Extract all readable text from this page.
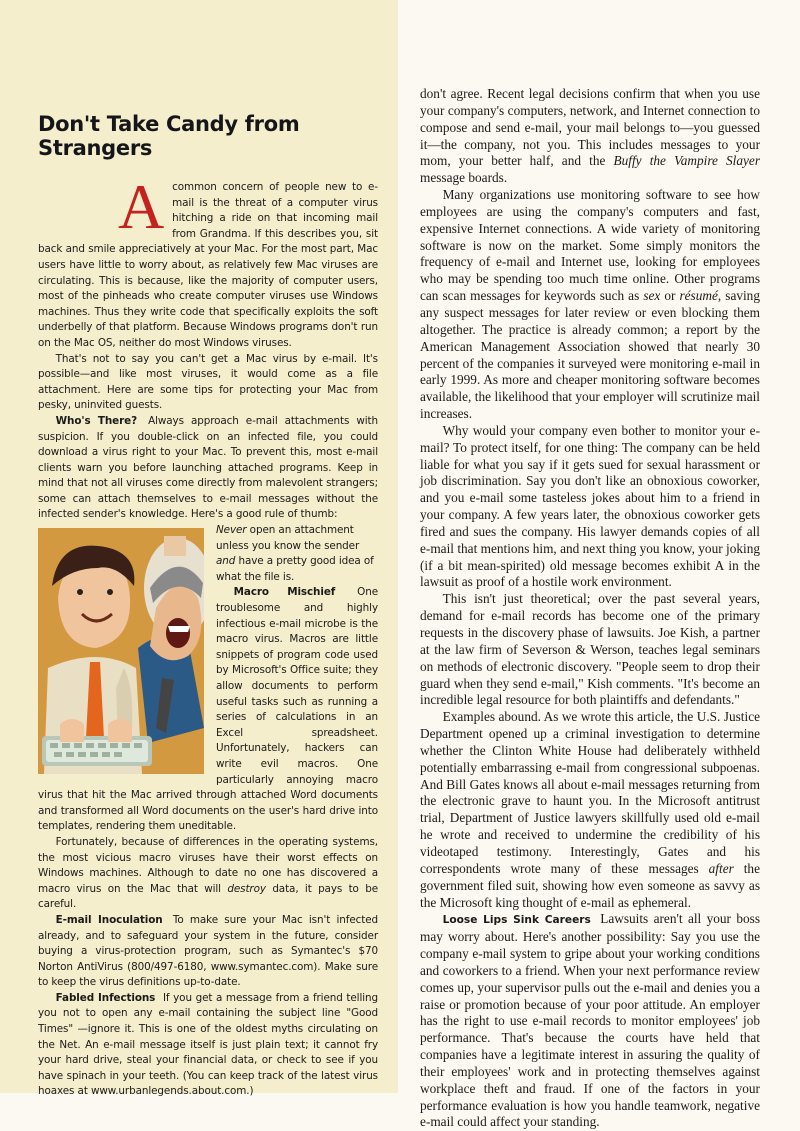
Don't Take Candy from Strangers

Acommon concern of people new to e-mail is the threat of a computer virus hitching a ride on that incoming mail from Grandma. If this describes you, sit back and smile appreciatively at your Mac. For the most part, Mac users have little to worry about, as relatively few Mac viruses are circulating. This is because, like the majority of computer users, most of the pinheads who create computer viruses use Windows machines. Thus they write code that specifically exploits the soft underbelly of that platform. Because Windows programs don't run on the Mac OS, neither do most Windows viruses.

That's not to say you can't get a Mac virus by e-mail. It's possible—and like most viruses, it would come as a file attachment. Here are some tips for protecting your Mac from pesky, uninvited guests.

Who's There? Always approach e-mail attachments with suspicion. If you double-click on an infected file, you could download a virus right to your Mac. To prevent this, most e-mail clients warn you before launching attached programs. Keep in mind that not all viruses come directly from malevolent strangers; some can attach themselves to e-mail messages without the infected sender's knowledge. Here's a good rule of thumb:

Never open an attachment unless you know the sender and have a pretty good idea of what the file is.

Macro Mischief One troublesome and highly infectious e-mail microbe is the macro virus. Macros are little snippets of program code used by Microsoft's Office suite; they allow documents to perform useful tasks such as running a series of calculations in an Excel spreadsheet. Unfortunately, hackers can write evil macros. One particularly annoying macro virus that hit the Mac arrived through attached Word documents and transformed all Word documents on the user's hard drive into templates, rendering them uneditable.

Fortunately, because of differences in the operating systems, the most vicious macro viruses have their worst effects on Windows machines. Although to date no one has discovered a macro virus on the Mac that will destroy data, it pays to be careful.

E-mail Inoculation To make sure your Mac isn't infected already, and to safeguard your system in the future, consider buying a virus-protection program, such as Symantec's $70 Norton AntiVirus (800/497-6180, www.symantec.com). Make sure to keep the virus definitions up-to-date.

Fabled Infections If you get a message from a friend telling you not to open any e-mail containing the subject line "Good Times" —ignore it. This is one of the oldest myths circulating on the Net. An e-mail message itself is just plain text; it cannot fry your hard drive, steal your financial data, or check to see if you have spinach in your teeth. (You can keep track of the latest virus hoaxes at www.urbanlegends.about.com.)

don't agree. Recent legal decisions confirm that when you use your company's computers, network, and Internet connection to compose and send e-mail, your mail belongs to—you guessed it—the company, not you. This includes messages to your mom, your better half, and the Buffy the Vampire Slayer message boards.

Many organizations use monitoring software to see how employees are using the company's computers and fast, expensive Internet connections. A wide variety of monitoring software is now on the market. Some simply monitors the frequency of e-mail and Internet use, looking for employees who may be spending too much time online. Other programs can scan messages for keywords such as sex or résumé, saving any suspect messages for later review or even blocking them altogether. The practice is already common; a report by the American Management Association showed that nearly 30 percent of the companies it surveyed were monitoring e-mail in early 1999. As more and cheaper monitoring software becomes available, the likelihood that your employer will scrutinize mail increases.

Why would your company even bother to monitor your e-mail? To protect itself, for one thing: The company can be held liable for what you say if it gets sued for sexual harassment or job discrimination. Say you don't like an obnoxious coworker, and you e-mail some tasteless jokes about him to a friend in your company. A few years later, the obnoxious coworker gets fired and sues the company. His lawyer demands copies of all e-mail that mentions him, and next thing you know, your joking (if a bit mean-spirited) old message becomes exhibit A in the lawsuit as proof of a hostile work environment.

This isn't just theoretical; over the past several years, demand for e-mail records has become one of the primary requests in the discovery phase of lawsuits. Joe Kish, a partner at the law firm of Severson & Werson, teaches legal seminars on methods of electronic discovery. "People seem to drop their guard when they send e-mail," Kish comments. "It's become an incredible legal resource for both plaintiffs and defendants."

Examples abound. As we wrote this article, the U.S. Justice Department opened up a criminal investigation to determine whether the Clinton White House had deliberately withheld potentially embarrassing e-mail from congressional subpoenas. And Bill Gates knows all about e-mail messages returning from the electronic grave to haunt you. In the Microsoft antitrust trial, Department of Justice lawyers skillfully used old e-mail he wrote and received to undermine the credibility of his videotaped testimony. Interestingly, Gates and his correspondents wrote many of these messages after the government filed suit, showing how even someone as savvy as the Microsoft king thought of e-mail as ephemeral.

Loose Lips Sink Careers Lawsuits aren't all your boss may worry about. Here's another possibility: Say you use the company e-mail system to gripe about your working conditions and coworkers to a friend. When your next performance review comes up, your supervisor pulls out the e-mail and denies you a raise or promotion because of your poor attitude. An employer has the right to use e-mail records to monitor employees' job performance. That's because the courts have held that companies have a legitimate interest in assuring the quality of their employees' work and in protecting themselves against workplace theft and fraud. If one of the factors in your performance evaluation is how you handle teamwork, negative e-mail could affect your standing.
